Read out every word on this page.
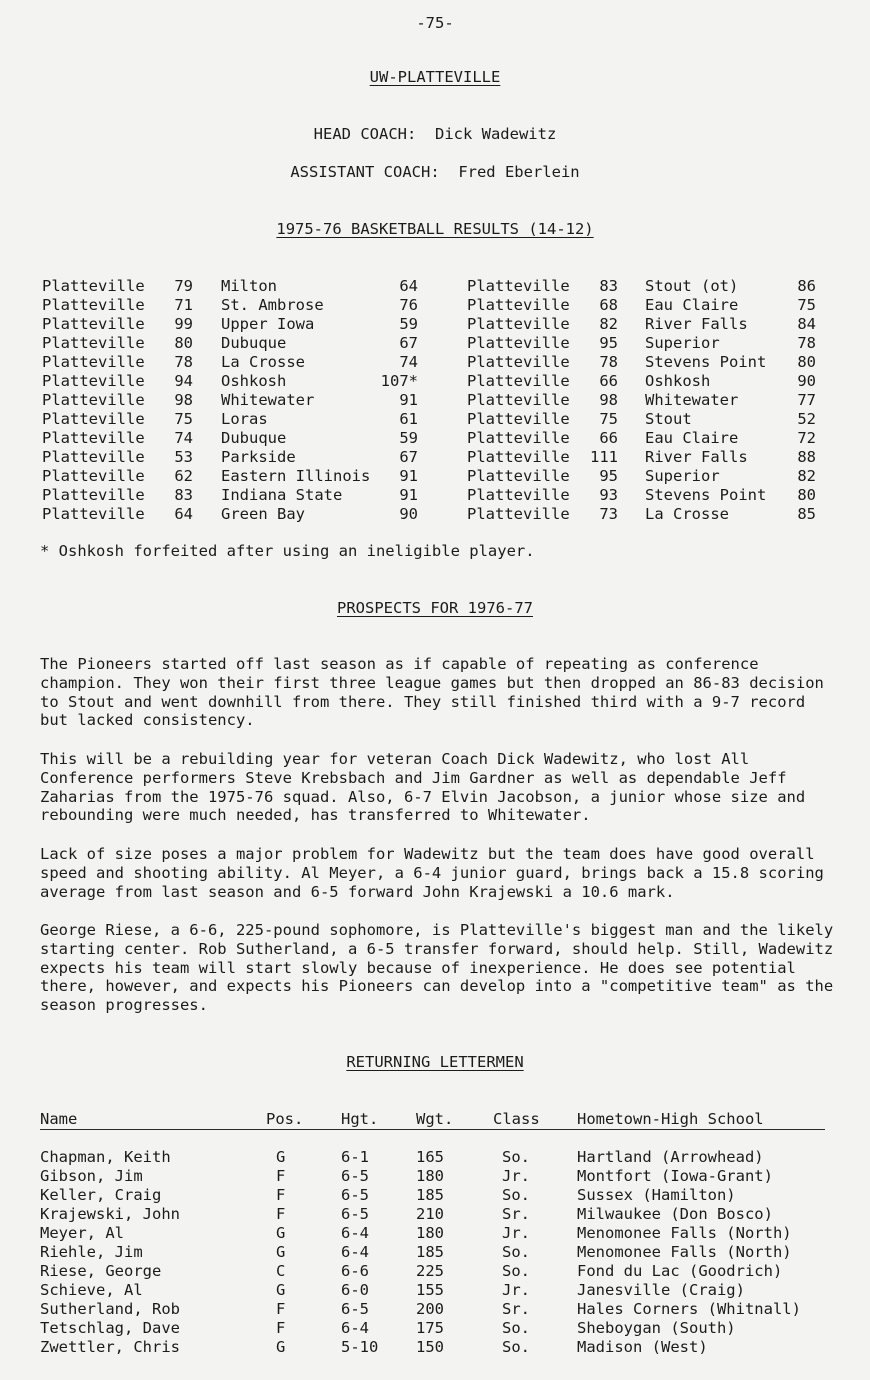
-75-
UW-PLATTEVILLE
HEAD COACH:  Dick Wadewitz
ASSISTANT COACH:  Fred Eberlein
1975-76 BASKETBALL RESULTS (14-12)
Platteville	79 Milton	64
Platteville	71 St. Ambrose	76
Platteville	99 Upper Iowa	59
Platteville	80 Dubuque	67
Platteville	78 La Crosse	74
Platteville	94 Oshkosh	107*
Platteville	98 Whitewater	91
Platteville	75 Loras	61
Platteville	74 Dubuque	59
Platteville	53 Parkside	67
Platteville	62 Eastern Illinois	91
Platteville	83 Indiana State	91
Platteville	64 Green Bay	90
Platteville	83 Stout (ot)	86
Platteville	68 Eau Claire	75
Platteville	82 River Falls	84
Platteville	95 Superior	78
Platteville	78 Stevens Point	80
Platteville	66 Oshkosh	90
Platteville	98 Whitewater	77
Platteville	75 Stout	52
Platteville	66 Eau Claire	72
Platteville	111 River Falls	88
Platteville	95 Superior	82
Platteville	93 Stevens Point	80
Platteville	73 La Crosse	85
* Oshkosh forfeited after using an ineligible player.
PROSPECTS FOR 1976-77
The Pioneers started off last season as if capable of repeating as conference champion. They won their first three league games but then dropped an 86-83 decision to Stout and went downhill from there. They still finished third with a 9-7 record but lacked consistency.
This will be a rebuilding year for veteran Coach Dick Wadewitz, who lost All Conference performers Steve Krebsbach and Jim Gardner as well as dependable Jeff Zaharias from the 1975-76 squad. Also, 6-7 Elvin Jacobson, a junior whose size and rebounding were much needed, has transferred to Whitewater.
Lack of size poses a major problem for Wadewitz but the team does have good overall speed and shooting ability. Al Meyer, a 6-4 junior guard, brings back a 15.8 scoring average from last season and 6-5 forward John Krajewski a 10.6 mark.
George Riese, a 6-6, 225-pound sophomore, is Platteville's biggest man and the likely starting center. Rob Sutherland, a 6-5 transfer forward, should help. Still, Wadewitz expects his team will start slowly because of inexperience. He does see potential there, however, and expects his Pioneers can develop into a "competitive team" as the season progresses.
RETURNING LETTERMEN
Name	Pos. Hgt. Wgt.	Class Hometown-High School
Chapman, Keith	G	6-1	165	So.	Hartland (Arrowhead)
Gibson, Jim	F	6-5	180	Jr.	Montfort (Iowa-Grant)
Keller, Craig	F	6-5	185	So.	Sussex (Hamilton)
Krajewski, John	F	6-5	210	Sr.	Milwaukee (Don Bosco)
Meyer, Al	G	6-4	180	Jr.	Menomonee Falls (North)
Riehle, Jim	G	6-4	185	So.	Menomonee Falls (North)
Riese, George	C	6-6	225	So.	Fond du Lac (Goodrich)
Schieve, Al	G	6-0	155	Jr.	Janesville (Craig)
Sutherland, Rob	F	6-5	200	Sr.	Hales Corners (Whitnall)
Tetschlag, Dave	F	6-4	175	So.	Sheboygan (South)
Zwettler, Chris	G	5-10 150	So.	Madison (West)
